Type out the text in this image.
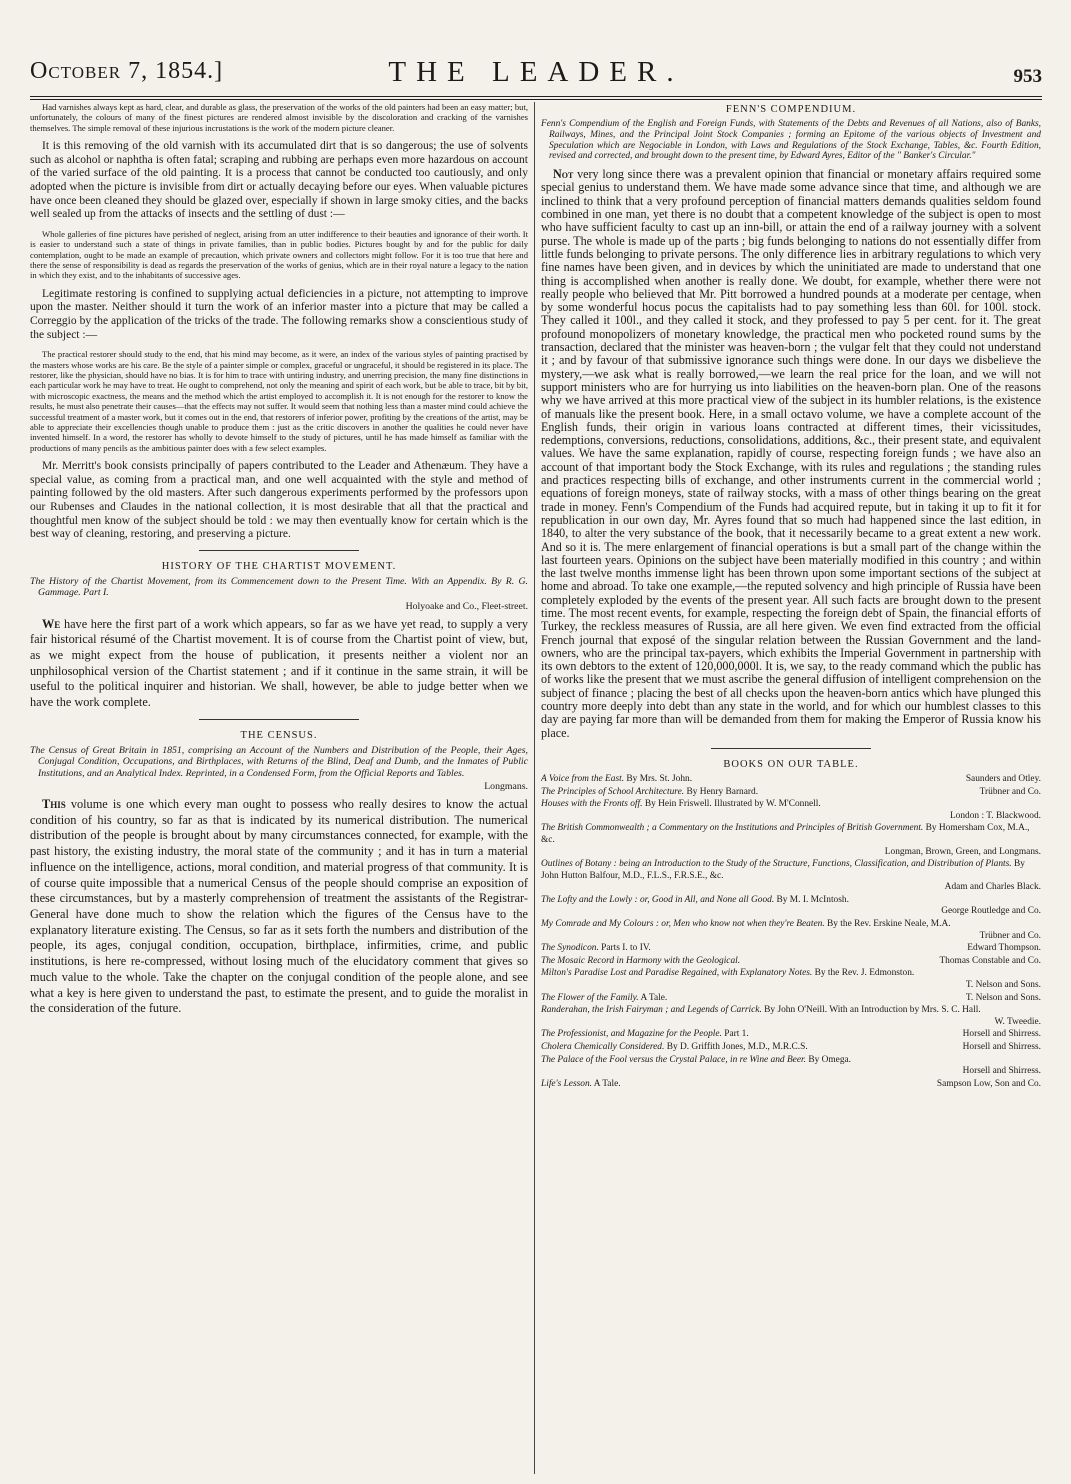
October 7, 1854.]	THE LEADER.	953

Had varnishes always kept as hard, clear, and durable as glass, the preservation of the works of the old painters had been an easy matter; but, unfortunately, the colours of many of the finest pictures are rendered almost invisible by the discoloration and cracking of the varnishes themselves. The simple removal of these injurious incrustations is the work of the modern picture cleaner.

It is this removing of the old varnish with its accumulated dirt that is so dangerous; the use of solvents such as alcohol or naphtha is often fatal; scraping and rubbing are perhaps even more hazardous on account of the varied surface of the old painting. It is a process that cannot be conducted too cautiously, and only adopted when the picture is invisible from dirt or actually decaying before our eyes. When valuable pictures have once been cleaned they should be glazed over, especially if shown in large smoky cities, and the backs well sealed up from the attacks of insects and the settling of dust :—

Whole galleries of fine pictures have perished of neglect, arising from an utter indifference to their beauties and ignorance of their worth. It is easier to understand such a state of things in private families, than in public bodies. Pictures bought by and for the public for daily contemplation, ought to be made an example of precaution, which private owners and collectors might follow. For it is too true that here and there the sense of responsibility is dead as regards the preservation of the works of genius, which are in their royal nature a legacy to the nation in which they exist, and to the inhabitants of successive ages.

Legitimate restoring is confined to supplying actual deficiencies in a picture, not attempting to improve upon the master. Neither should it turn the work of an inferior master into a picture that may be called a Correggio by the application of the tricks of the trade. The following remarks show a conscientious study of the subject :—

The practical restorer should study to the end, that his mind may become, as it were, an index of the various styles of painting practised by the masters whose works are his care. Be the style of a painter simple or complex, graceful or ungraceful, it should be registered in its place. The restorer, like the physician, should have no bias. It is for him to trace with untiring industry, and unerring precision, the many fine distinctions in each particular work he may have to treat. He ought to comprehend, not only the meaning and spirit of each work, but be able to trace, bit by bit, with microscopic exactness, the means and the method which the artist employed to accomplish it. It is not enough for the restorer to know the results, he must also penetrate their causes—that the effects may not suffer. It would seem that nothing less than a master mind could achieve the successful treatment of a master work, but it comes out in the end, that restorers of inferior power, profiting by the creations of the artist, may be able to appreciate their excellencies though unable to produce them : just as the critic discovers in another the qualities he could never have invented himself. In a word, the restorer has wholly to devote himself to the study of pictures, until he has made himself as familiar with the productions of many pencils as the ambitious painter does with a few select examples.

Mr. Merritt's book consists principally of papers contributed to the Leader and Athenæum. They have a special value, as coming from a practical man, and one well acquainted with the style and method of painting followed by the old masters. After such dangerous experiments performed by the professors upon our Rubenses and Claudes in the national collection, it is most desirable that all that the practical and thoughtful men know of the subject should be told : we may then eventually know for certain which is the best way of cleaning, restoring, and preserving a picture.

HISTORY OF THE CHARTIST MOVEMENT.

The History of the Chartist Movement, from its Commencement down to the Present Time. With an Appendix. By R. G. Gammage. Part I.

Holyoake and Co., Fleet-street.

We have here the first part of a work which appears, so far as we have yet read, to supply a very fair historical résumé of the Chartist movement. It is of course from the Chartist point of view, but, as we might expect from the house of publication, it presents neither a violent nor an unphilosophical version of the Chartist statement ; and if it continue in the same strain, it will be useful to the political inquirer and historian. We shall, however, be able to judge better when we have the work complete.

THE CENSUS.

The Census of Great Britain in 1851, comprising an Account of the Numbers and Distribution of the People, their Ages, Conjugal Condition, Occupations, and Birthplaces, with Returns of the Blind, Deaf and Dumb, and the Inmates of Public Institutions, and an Analytical Index. Reprinted, in a Condensed Form, from the Official Reports and Tables.

Longmans.

This volume is one which every man ought to possess who really desires to know the actual condition of his country, so far as that is indicated by its numerical distribution. The numerical distribution of the people is brought about by many circumstances connected, for example, with the past history, the existing industry, the moral state of the community ; and it has in turn a material influence on the intelligence, actions, moral condition, and material progress of that community. It is of course quite impossible that a numerical Census of the people should comprise an exposition of these circumstances, but by a masterly comprehension of treatment the assistants of the Registrar-General have done much to show the relation which the figures of the Census have to the explanatory literature existing. The Census, so far as it sets forth the numbers and distribution of the people, its ages, conjugal condition, occupation, birthplace, infirmities, crime, and public institutions, is here re-compressed, without losing much of the elucidatory comment that gives so much value to the whole. Take the chapter on the conjugal condition of the people alone, and see what a key is here given to understand the past, to estimate the present, and to guide the moralist in the consideration of the future.

FENN'S COMPENDIUM.

Fenn's Compendium of the English and Foreign Funds, with Statements of the Debts and Revenues of all Nations, also of Banks, Railways, Mines, and the Principal Joint Stock Companies ; forming an Epitome of the various objects of Investment and Speculation which are Negociable in London, with Laws and Regulations of the Stock Exchange, Tables, &c. Fourth Edition, revised and corrected, and brought down to the present time, by Edward Ayres, Editor of the " Banker's Circular."

Not very long since there was a prevalent opinion that financial or monetary affairs required some special genius to understand them. We have made some advance since that time, and although we are inclined to think that a very profound perception of financial matters demands qualities seldom found combined in one man, yet there is no doubt that a competent knowledge of the subject is open to most who have sufficient faculty to cast up an inn-bill, or attain the end of a railway journey with a solvent purse. The whole is made up of the parts ; big funds belonging to nations do not essentially differ from little funds belonging to private persons. The only difference lies in arbitrary regulations to which very fine names have been given, and in devices by which the uninitiated are made to understand that one thing is accomplished when another is really done. We doubt, for example, whether there were not really people who believed that Mr. Pitt borrowed a hundred pounds at a moderate per centage, when by some wonderful hocus pocus the capitalists had to pay something less than 60l. for 100l. stock. They called it 100l., and they called it stock, and they professed to pay 5 per cent. for it. The great profound monopolizers of monetary knowledge, the practical men who pocketed round sums by the transaction, declared that the minister was heaven-born ; the vulgar felt that they could not understand it ; and by favour of that submissive ignorance such things were done. In our days we disbelieve the mystery,—we ask what is really borrowed,—we learn the real price for the loan, and we will not support ministers who are for hurrying us into liabilities on the heaven-born plan. One of the reasons why we have arrived at this more practical view of the subject in its humbler relations, is the existence of manuals like the present book. Here, in a small octavo volume, we have a complete account of the English funds, their origin in various loans contracted at different times, their vicissitudes, redemptions, conversions, reductions, consolidations, additions, &c., their present state, and equivalent values. We have the same explanation, rapidly of course, respecting foreign funds ; we have also an account of that important body the Stock Exchange, with its rules and regulations ; the standing rules and practices respecting bills of exchange, and other instruments current in the commercial world ; equations of foreign moneys, state of railway stocks, with a mass of other things bearing on the great trade in money. Fenn's Compendium of the Funds had acquired repute, but in taking it up to fit it for republication in our own day, Mr. Ayres found that so much had happened since the last edition, in 1840, to alter the very substance of the book, that it necessarily became to a great extent a new work. And so it is. The mere enlargement of financial operations is but a small part of the change within the last fourteen years. Opinions on the subject have been materially modified in this country ; and within the last twelve months immense light has been thrown upon some important sections of the subject at home and abroad. To take one example,—the reputed solvency and high principle of Russia have been completely exploded by the events of the present year. All such facts are brought down to the present time. The most recent events, for example, respecting the foreign debt of Spain, the financial efforts of Turkey, the reckless measures of Russia, are all here given. We even find extracted from the official French journal that exposé of the singular relation between the Russian Government and the land-owners, who are the principal tax-payers, which exhibits the Imperial Government in partnership with its own debtors to the extent of 120,000,000l. It is, we say, to the ready command which the public has of works like the present that we must ascribe the general diffusion of intelligent comprehension on the subject of finance ; placing the best of all checks upon the heaven-born antics which have plunged this country more deeply into debt than any state in the world, and for which our humblest classes to this day are paying far more than will be demanded from them for making the Emperor of Russia know his place.

BOOKS ON OUR TABLE.
Saunders and Otley.
A Voice from the East. By Mrs. St. John.
Trübner and Co.
The Principles of School Architecture. By Henry Barnard.
Houses with the Fronts off. By Hein Friswell. Illustrated by W. M'Connell.
London : T. Blackwood.
The British Commonwealth ; a Commentary on the Institutions and Principles of British Government. By Homersham Cox, M.A., &c.
Longman, Brown, Green, and Longmans.
Outlines of Botany : being an Introduction to the Study of the Structure, Functions, Classification, and Distribution of Plants. By John Hutton Balfour, M.D., F.L.S., F.R.S.E., &c.
Adam and Charles Black.
The Lofty and the Lowly : or, Good in All, and None all Good. By M. I. McIntosh.
George Routledge and Co.
My Comrade and My Colours : or, Men who know not when they're Beaten. By the Rev. Erskine Neale, M.A.
Trübner and Co.
Edward Thompson.
The Synodicon. Parts I. to IV.
Thomas Constable and Co.
The Mosaic Record in Harmony with the Geological.
Milton's Paradise Lost and Paradise Regained, with Explanatory Notes. By the Rev. J. Edmonston.
T. Nelson and Sons.
T. Nelson and Sons.
The Flower of the Family. A Tale.
Randerahan, the Irish Fairyman ; and Legends of Carrick. By John O'Neill. With an Introduction by Mrs. S. C. Hall.
W. Tweedie.
Horsell and Shirress.
The Professionist, and Magazine for the People. Part 1.
Horsell and Shirress.
Cholera Chemically Considered. By D. Griffith Jones, M.D., M.R.C.S.
The Palace of the Fool versus the Crystal Palace, in re Wine and Beer. By Omega.
Horsell and Shirress.
Sampson Low, Son and Co.
Life's Lesson. A Tale.
